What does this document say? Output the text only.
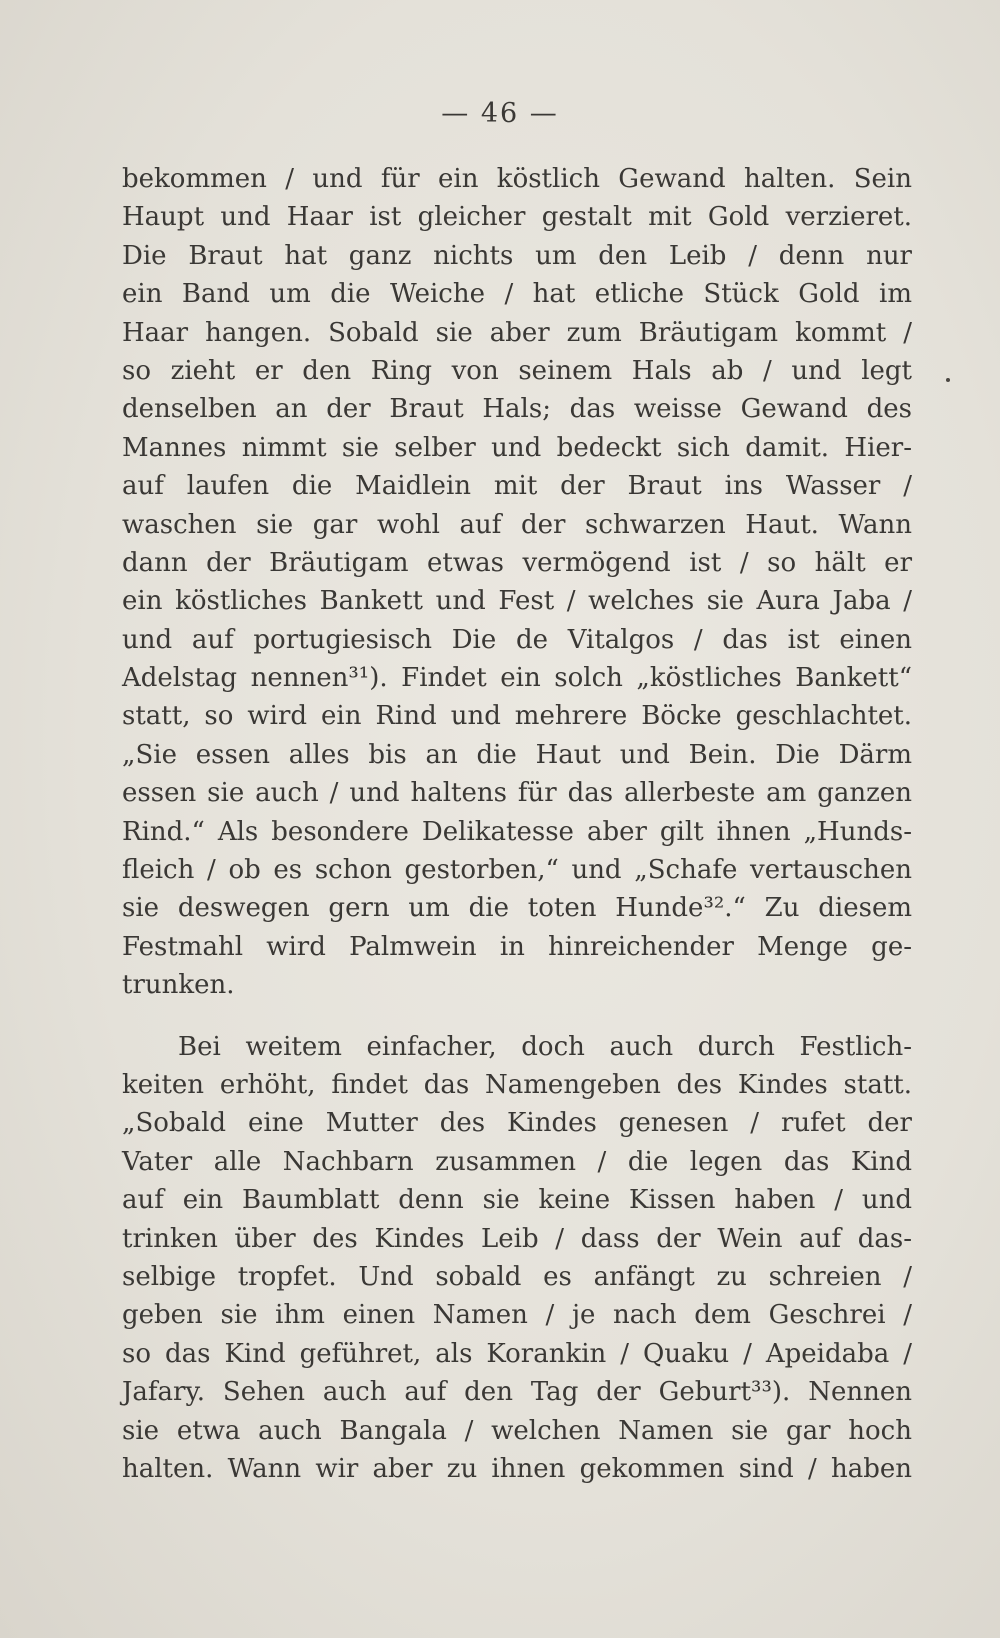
— 46 —
bekommen / und für ein köstlich Gewand halten. Sein
Haupt und Haar ist gleicher gestalt mit Gold verzieret.
Die Braut hat ganz nichts um den Leib / denn nur
ein Band um die Weiche / hat etliche Stück Gold im
Haar hangen. Sobald sie aber zum Bräutigam kommt /
so zieht er den Ring von seinem Hals ab / und legt
denselben an der Braut Hals; das weisse Gewand des
Mannes nimmt sie selber und bedeckt sich damit. Hier-
auf laufen die Maidlein mit der Braut ins Wasser /
waschen sie gar wohl auf der schwarzen Haut. Wann
dann der Bräutigam etwas vermögend ist / so hält er
ein köstliches Bankett und Fest / welches sie Aura Jaba /
und auf portugiesisch Die de Vitalgos / das ist einen
Adelstag nennen³¹). Findet ein solch „köstliches Bankett“
statt, so wird ein Rind und mehrere Böcke geschlachtet.
„Sie essen alles bis an die Haut und Bein. Die Därm
essen sie auch / und haltens für das allerbeste am ganzen
Rind.“ Als besondere Delikatesse aber gilt ihnen „Hunds-
fleich / ob es schon gestorben,“ und „Schafe vertauschen
sie deswegen gern um die toten Hunde³².“ Zu diesem
Festmahl wird Palmwein in hinreichender Menge ge-
trunken.
Bei weitem einfacher, doch auch durch Festlich-
keiten erhöht, findet das Namengeben des Kindes statt.
„Sobald eine Mutter des Kindes genesen / rufet der
Vater alle Nachbarn zusammen / die legen das Kind
auf ein Baumblatt denn sie keine Kissen haben / und
trinken über des Kindes Leib / dass der Wein auf das-
selbige tropfet. Und sobald es anfängt zu schreien /
geben sie ihm einen Namen / je nach dem Geschrei /
so das Kind geführet, als Korankin / Quaku / Apeidaba /
Jafary. Sehen auch auf den Tag der Geburt³³). Nennen
sie etwa auch Bangala / welchen Namen sie gar hoch
halten. Wann wir aber zu ihnen gekommen sind / haben
